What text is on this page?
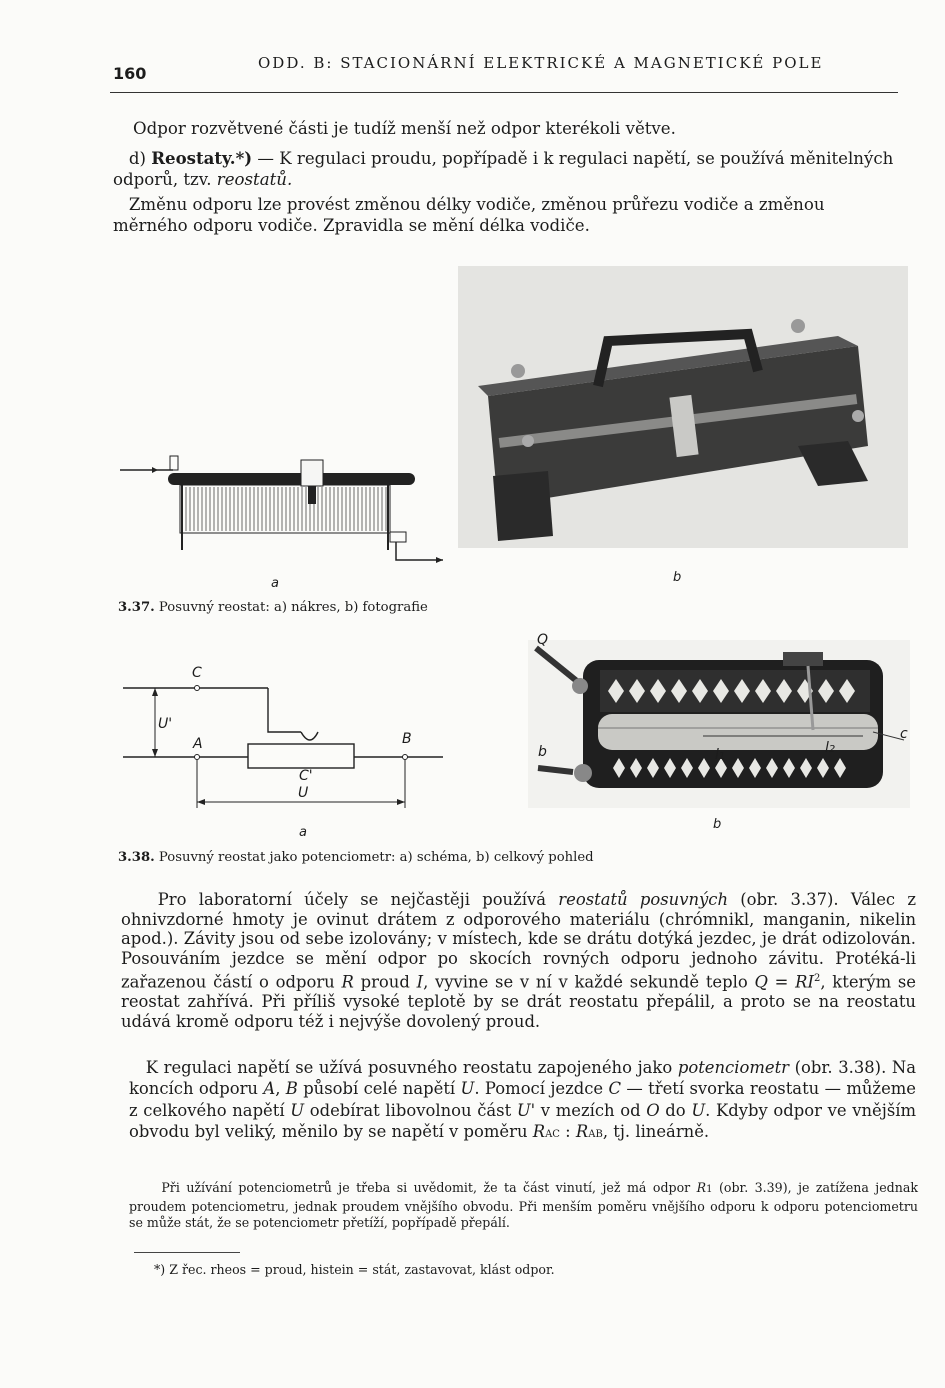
160
ODD. B: STACIONÁRNÍ ELEKTRICKÉ A MAGNETICKÉ POLE
Odpor rozvětvené části je tudíž menší než odpor kterékoli větve.
d) Reostaty.*) — K regulaci proudu, popřípadě i k regulaci napětí, se používá měnitelných odporů, tzv. reostatů.
Změnu odporu lze provést změnou délky vodiče, změnou průřezu vodiče a změnou měrného odporu vodiče. Zpravidla se mění délka vodiče.
a	b
3.37. Posuvný reostat: a) nákres, b) fotografie
C
U'
A	B
C'
U
a
Q
b
c
l1
l2
b
3.38. Posuvný reostat jako potenciometr: a) schéma, b) celkový pohled
Pro laboratorní účely se nejčastěji používá reostatů posuvných (obr. 3.37). Válec z ohnivzdorné hmoty je ovinut drátem z odporového materiálu (chrómnikl, manganin, nikelin apod.). Závity jsou od sebe izolovány; v místech, kde se drátu dotýká jezdec, je drát odizolován. Posouváním jezdce se mění odpor po skocích rovných odporu jednoho závitu. Protéká-li zařazenou částí o odporu R proud I, vyvine se v ní v každé sekundě teplo $Q = RI^2$, kterým se reostat zahřívá. Při příliš vysoké teplotě by se drát reostatu přepálil, a proto se na reostatu udává kromě odporu též i nejvýše dovolený proud.
K regulaci napětí se užívá posuvného reostatu zapojeného jako potenciometr (obr. 3.38). Na koncích odporu A, B působí celé napětí U. Pomocí jezdce C — třetí svorka reostatu — můžeme z celkového napětí U odebírat libovolnou část U' v mezích od O do U. Kdyby odpor ve vnějším obvodu byl veliký, měnilo by se napětí v poměru RAC : RAB, tj. lineárně.
Při užívání potenciometrů je třeba si uvědomit, že ta část vinutí, jež má odpor R1 (obr. 3.39), je zatížena jednak proudem potenciometru, jednak proudem vnějšího obvodu. Při menším poměru vnějšího odporu k odporu potenciometru se může stát, že se potenciometr přetíží, popřípadě přepálí.
*) Z řec. rheos = proud, histein = stát, zastavovat, klást odpor.
